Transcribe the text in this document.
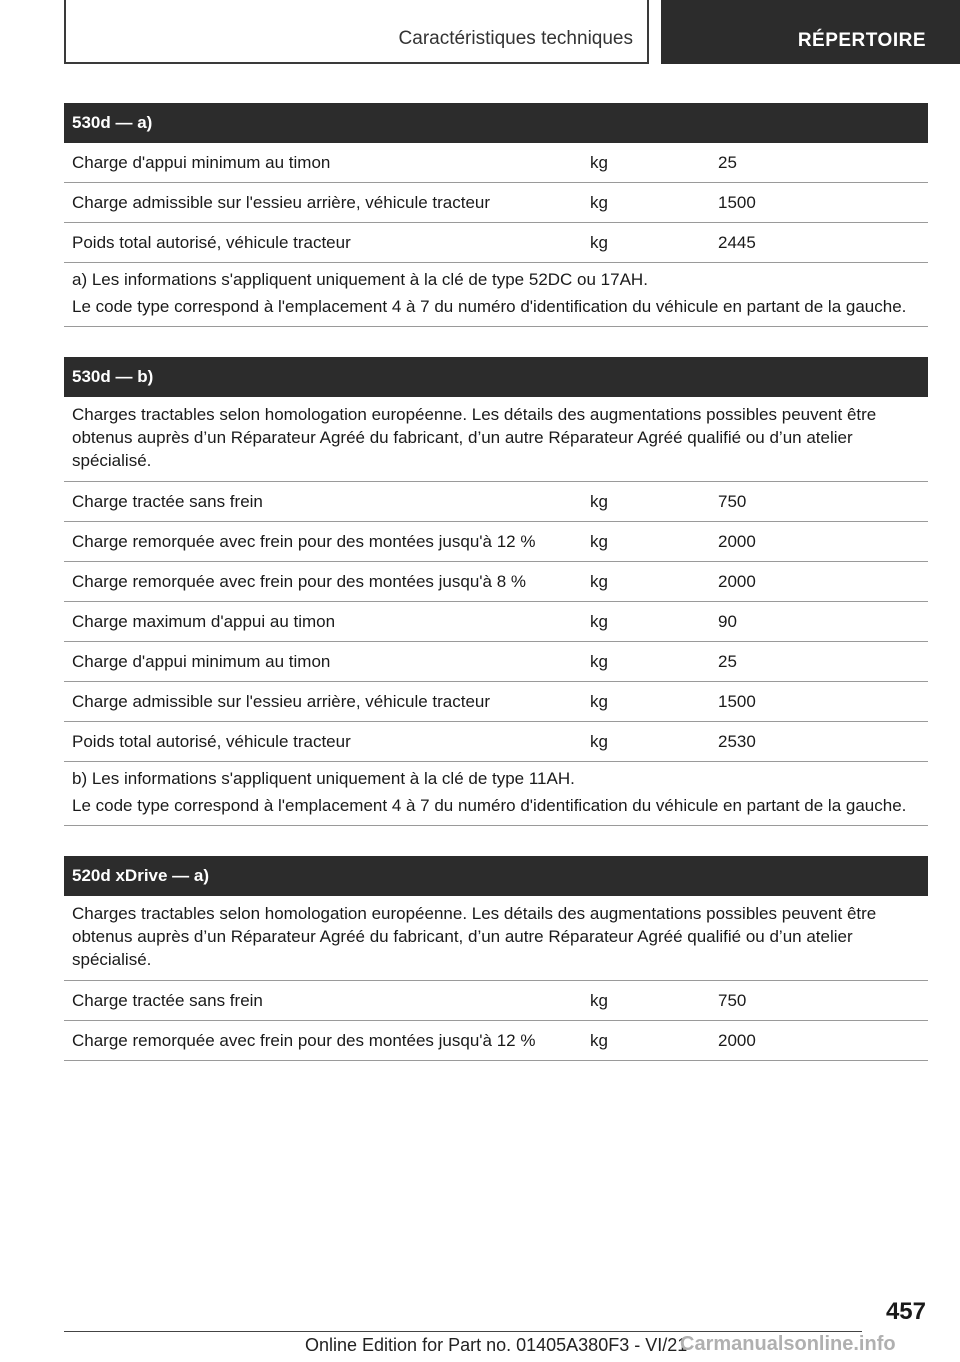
Caractéristiques techniques	RÉPERTOIRE
530d — a)
Charge d'appui minimum au timon	kg	25
Charge admissible sur l'essieu arrière, véhicule tracteur	kg	1500
Poids total autorisé, véhicule tracteur	kg	2445

a) Les informations s'appliquent uniquement à la clé de type 52DC ou 17AH.

Le code type correspond à l'emplacement 4 à 7 du numéro d'identification du véhicule en partant de la gauche.

530d — b)
Charges tractables selon homologation européenne. Les détails des augmentations possibles peuvent être obtenus auprès d’un Réparateur Agréé du fabricant, d’un autre Réparateur Agréé qualifié ou d’un atelier spécialisé.
Charge tractée sans frein	kg	750
Charge remorquée avec frein pour des montées jusqu'à 12 %	kg	2000
Charge remorquée avec frein pour des montées jusqu'à 8 %	kg	2000
Charge maximum d'appui au timon	kg	90
Charge d'appui minimum au timon	kg	25
Charge admissible sur l'essieu arrière, véhicule tracteur	kg	1500
Poids total autorisé, véhicule tracteur	kg	2530

b) Les informations s'appliquent uniquement à la clé de type 11AH.

Le code type correspond à l'emplacement 4 à 7 du numéro d'identification du véhicule en partant de la gauche.

520d xDrive — a)
Charges tractables selon homologation européenne. Les détails des augmentations possibles peuvent être obtenus auprès d’un Réparateur Agréé du fabricant, d’un autre Réparateur Agréé qualifié ou d’un atelier spécialisé.
Charge tractée sans frein	kg	750
Charge remorquée avec frein pour des montées jusqu'à 12 %	kg	2000
457
Online Edition for Part no. 01405A380F3 - VI/21
Carmanualsonline.info
